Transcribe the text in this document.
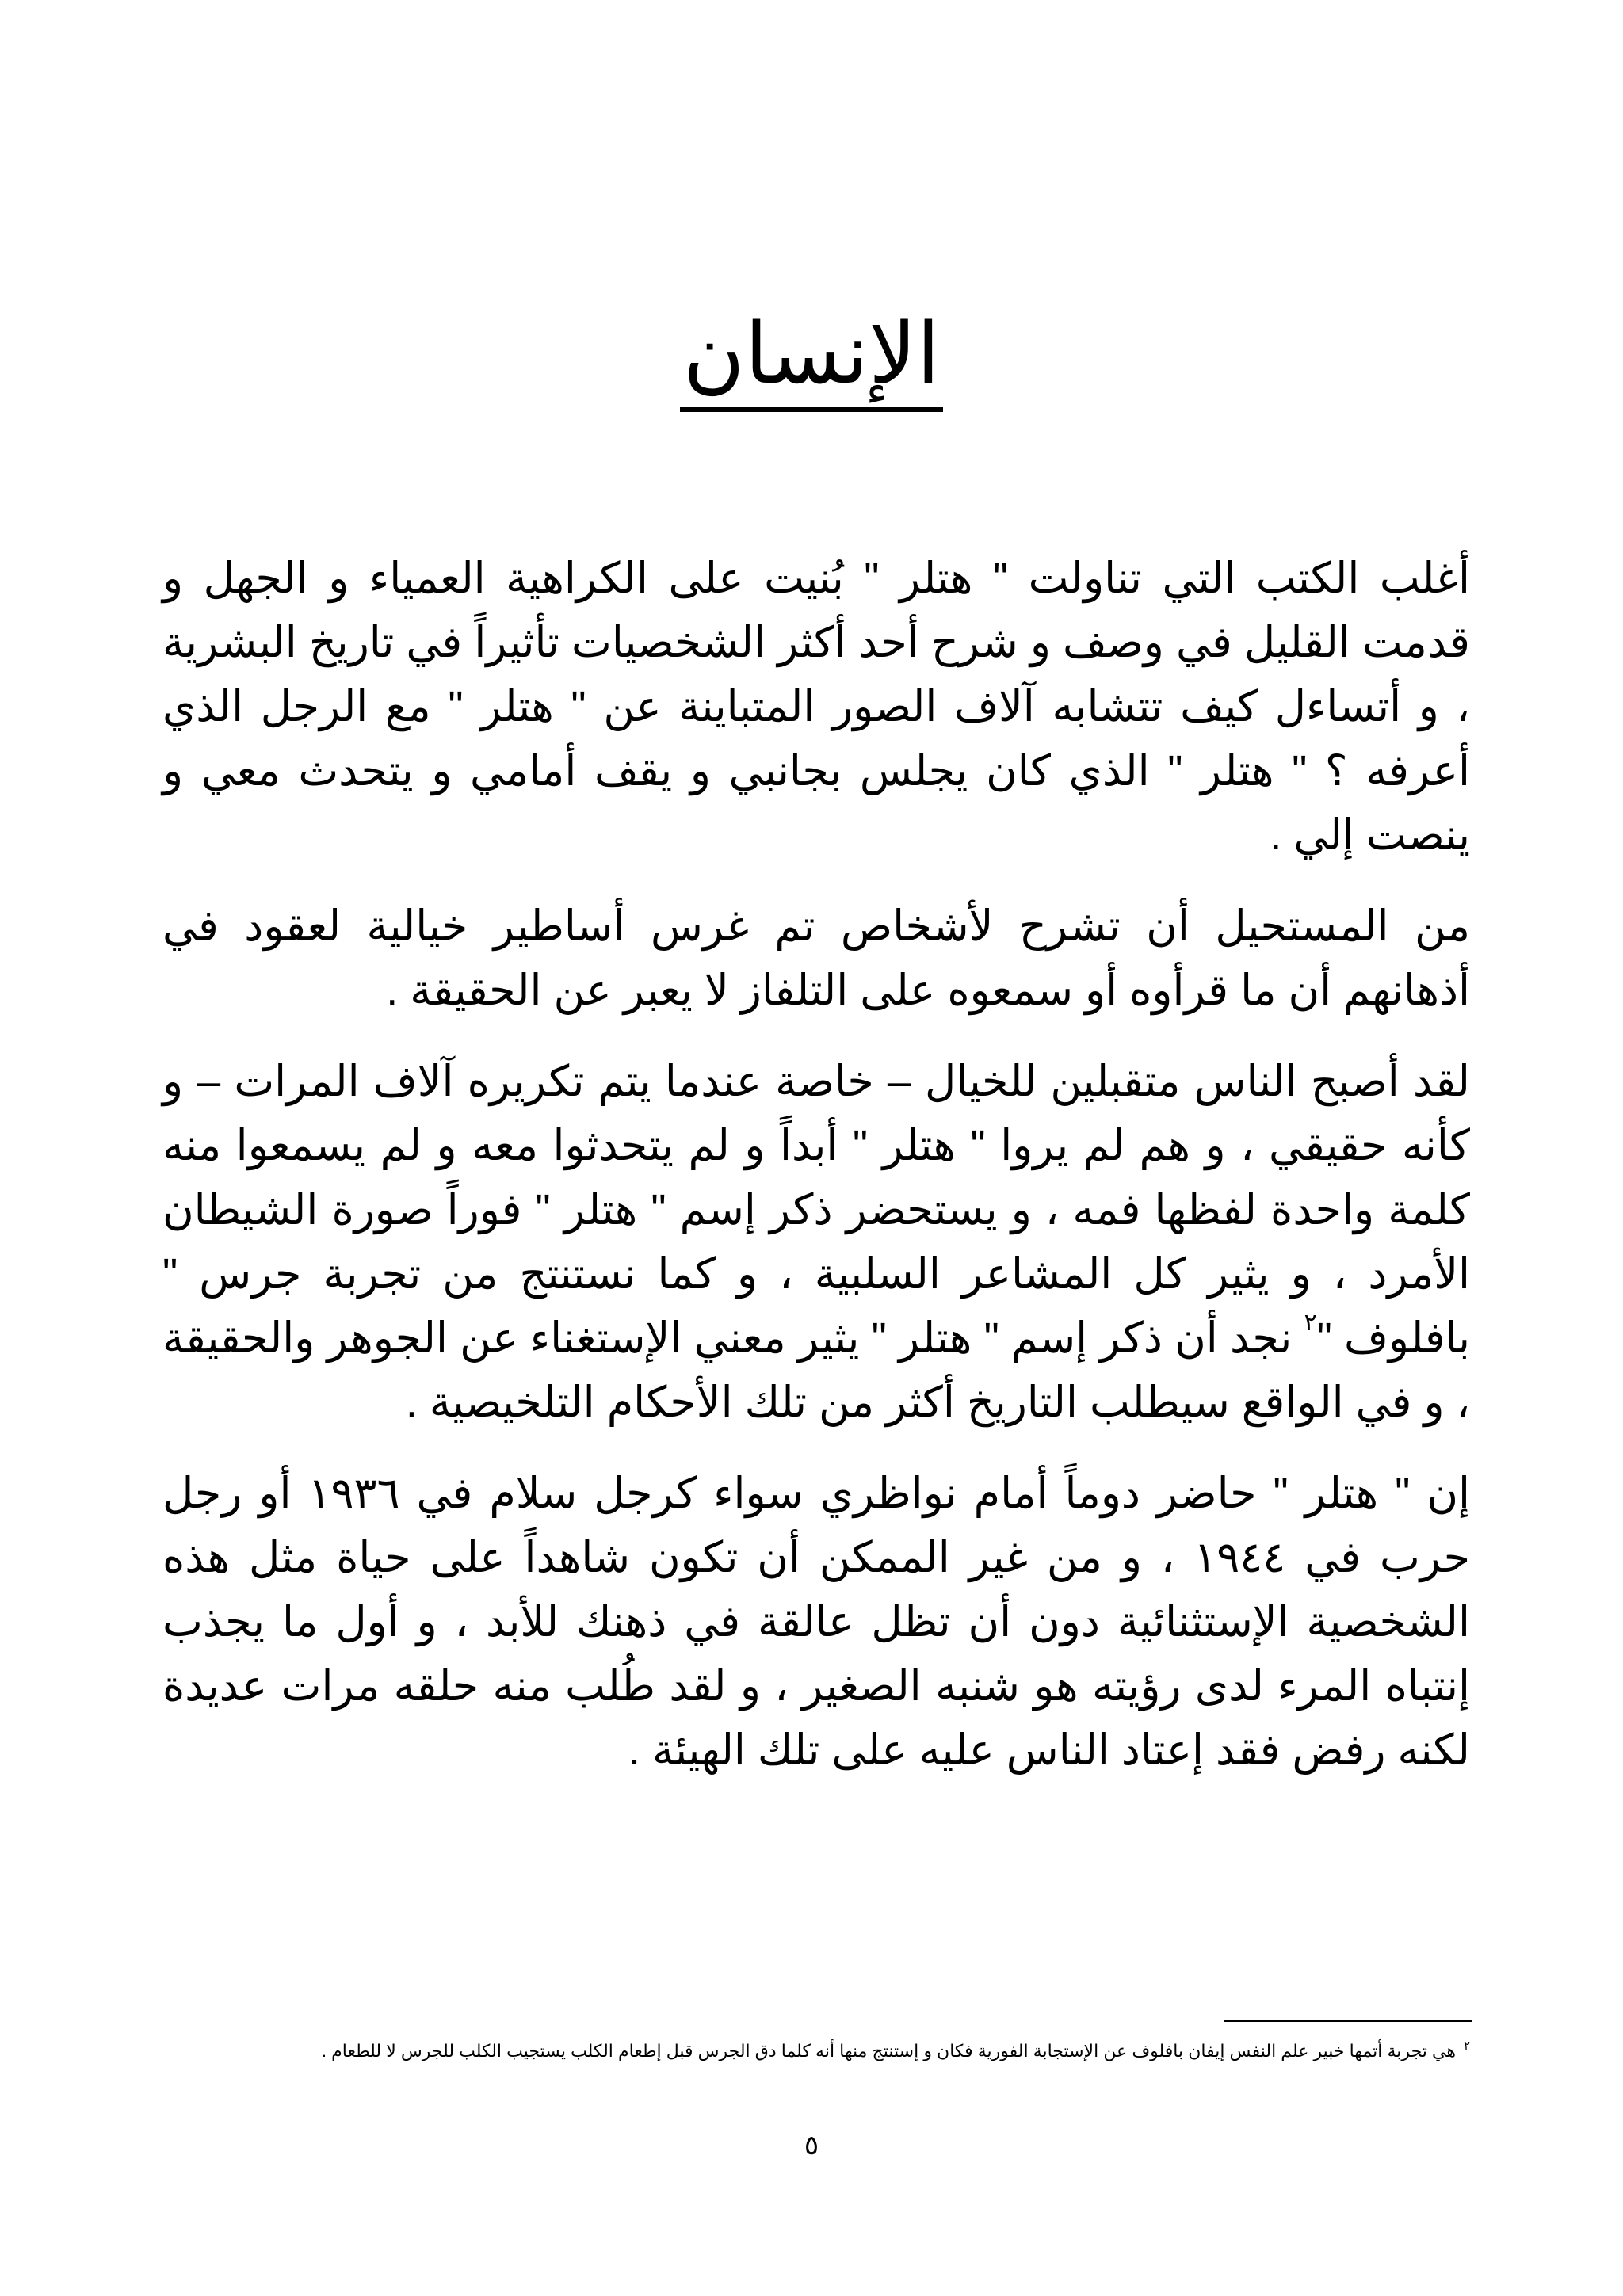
الإنسان

أغلب الكتب التي تناولت " هتلر " بُنيت على الكراهية العمياء و الجهل و قدمت القليل في وصف و شرح أحد أكثر الشخصيات تأثيراً في تاريخ البشرية ، و أتساءل كيف تتشابه آلاف الصور المتباينة عن " هتلر " مع الرجل الذي أعرفه ؟ " هتلر " الذي كان يجلس بجانبي و يقف أمامي و يتحدث معي و ينصت إلي .

من المستحيل أن تشرح لأشخاص تم غرس أساطير خيالية لعقود في أذهانهم أن ما قرأوه أو سمعوه على التلفاز لا يعبر عن الحقيقة .

لقد أصبح الناس متقبلين للخيال – خاصة عندما يتم تكريره آلاف المرات – و كأنه حقيقي ، و هم لم يروا " هتلر " أبداً و لم يتحدثوا معه و لم يسمعوا منه كلمة واحدة لفظها فمه ، و يستحضر ذكر إسم " هتلر " فوراً صورة الشيطان الأمرد ، و يثير كل المشاعر السلبية ، و كما نستنتج من تجربة جرس " بافلوف "$^٢$ نجد أن ذكر إسم " هتلر " يثير معني الإستغناء عن الجوهر والحقيقة ، و في الواقع سيطلب التاريخ أكثر من تلك الأحكام التلخيصية .

إن " هتلر " حاضر دوماً أمام نواظري سواء كرجل سلام في ١٩٣٦ أو رجل حرب في ١٩٤٤ ، و من غير الممكن أن تكون شاهداً على حياة مثل هذه الشخصية الإستثنائية دون أن تظل عالقة في ذهنك للأبد ، و أول ما يجذب إنتباه المرء لدى رؤيته هو شنبه الصغير ، و لقد طُلب منه حلقه مرات عديدة لكنه رفض فقد إعتاد الناس عليه على تلك الهيئة .

$^٢$هي تجربة أتمها خبير علم النفس إيفان بافلوف عن الإستجابة الفورية فكان و إستنتج منها أنه كلما دق الجرس قبل إطعام الكلب يستجيب الكلب للجرس لا للطعام .
٥
